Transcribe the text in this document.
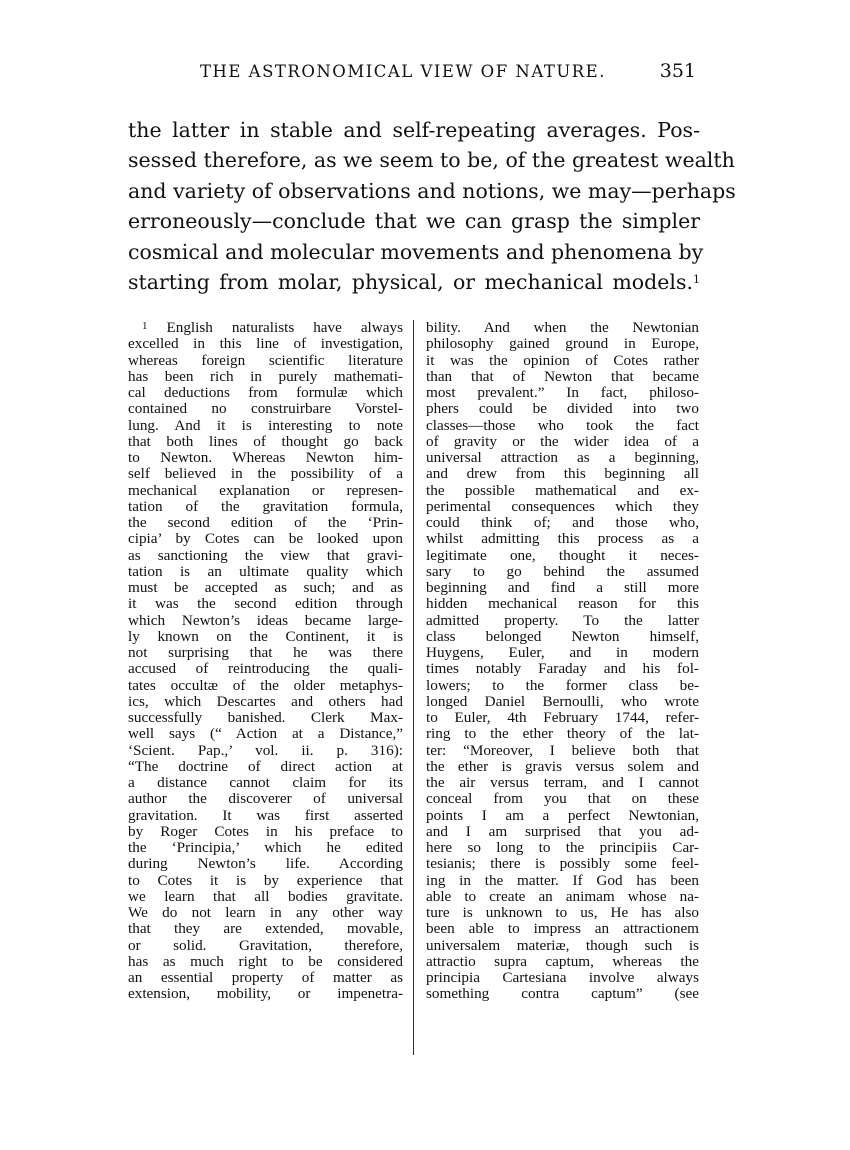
THE ASTRONOMICAL VIEW OF NATURE.	351
the latter in stable and self-repeating averages. Pos-
sessed therefore, as we seem to be, of the greatest wealth
and variety of observations and notions, we may—perhaps
erroneously—conclude that we can grasp the simpler
cosmical and molecular movements and phenomena by
starting from molar, physical, or mechanical models.$^1$
$^1$ English naturalists have always
excelled in this line of investigation,
whereas foreign scientific literature
has been rich in purely mathemati-
cal deductions from formulæ which
contained no construirbare Vorstel-
lung. And it is interesting to note
that both lines of thought go back
to Newton. Whereas Newton him-
self believed in the possibility of a
mechanical explanation or represen-
tation of the gravitation formula,
the second edition of the ‘Prin-
cipia’ by Cotes can be looked upon
as sanctioning the view that gravi-
tation is an ultimate quality which
must be accepted as such; and as
it was the second edition through
which Newton’s ideas became large-
ly known on the Continent, it is
not surprising that he was there
accused of reintroducing the quali-
tates occultæ of the older metaphys-
ics, which Descartes and others had
successfully banished. Clerk Max-
well says (“ Action at a Distance,”
‘Scient. Pap.,’ vol. ii. p. 316):
“The doctrine of direct action at
a distance cannot claim for its
author the discoverer of universal
gravitation. It was first asserted
by Roger Cotes in his preface to
the ‘Principia,’ which he edited
during Newton’s life. According
to Cotes it is by experience that
we learn that all bodies gravitate.
We do not learn in any other way
that they are extended, movable,
or solid. Gravitation, therefore,
has as much right to be considered
an essential property of matter as
extension, mobility, or impenetra-
bility. And when the Newtonian
philosophy gained ground in Europe,
it was the opinion of Cotes rather
than that of Newton that became
most prevalent.” In fact, philoso-
phers could be divided into two
classes—those who took the fact
of gravity or the wider idea of a
universal attraction as a beginning,
and drew from this beginning all
the possible mathematical and ex-
perimental consequences which they
could think of; and those who,
whilst admitting this process as a
legitimate one, thought it neces-
sary to go behind the assumed
beginning and find a still more
hidden mechanical reason for this
admitted property. To the latter
class belonged Newton himself,
Huygens, Euler, and in modern
times notably Faraday and his fol-
lowers; to the former class be-
longed Daniel Bernoulli, who wrote
to Euler, 4th February 1744, refer-
ring to the ether theory of the lat-
ter: “Moreover, I believe both that
the ether is gravis versus solem and
the air versus terram, and I cannot
conceal from you that on these
points I am a perfect Newtonian,
and I am surprised that you ad-
here so long to the principiis Car-
tesianis; there is possibly some feel-
ing in the matter. If God has been
able to create an animam whose na-
ture is unknown to us, He has also
been able to impress an attractionem
universalem materiæ, though such is
attractio supra captum, whereas the
principia Cartesiana involve always
something contra captum” (see
